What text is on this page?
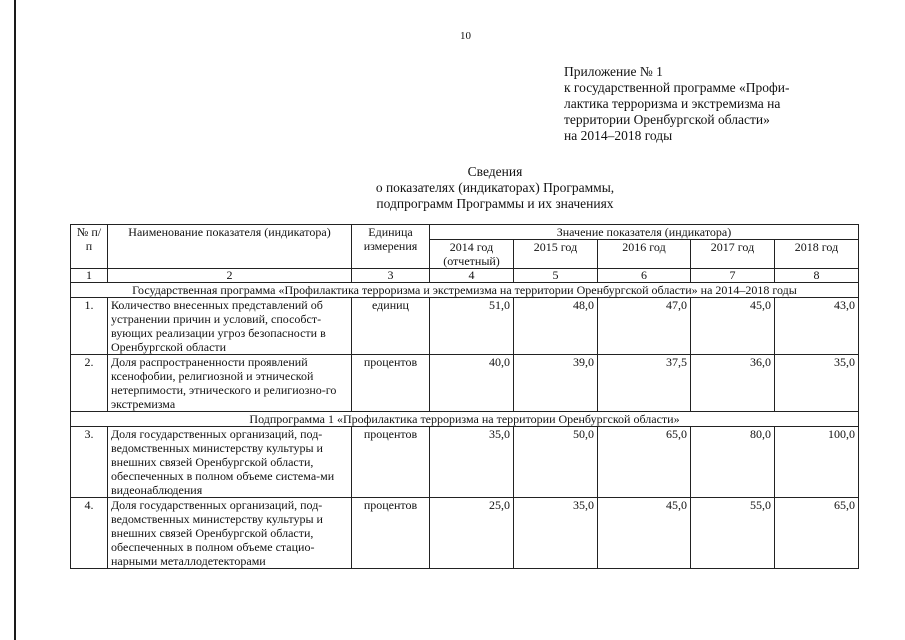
10
Приложение № 1
к государственной программе «Профи-
лактика терроризма и экстремизма на
территории Оренбургской области»
на 2014–2018 годы
Сведения
о показателях (индикаторах) Программы,
подпрограмм Программы и их значениях
№ п/п	Наименование показателя (индикатора)	Единица измерения	Значение показателя (индикатора)				
			2014 год (отчетный)	2015 год	2016 год	2017 год	2018 год
1	2	3	4	5	6	7	8
Государственная программа «Профилактика терроризма и экстремизма на территории Оренбургской области» на 2014–2018 годы							
1.	Количество внесенных представлений об устранении причин и условий, способст-вующих реализации угроз безопасности в Оренбургской области	единиц	51,0	48,0	47,0	45,0	43,0
2.	Доля распространенности проявлений ксенофобии, религиозной и этнической нетерпимости, этнического и религиозно-го экстремизма	процентов	40,0	39,0	37,5	36,0	35,0
Подпрограмма 1 «Профилактика терроризма на территории Оренбургской области»							
3.	Доля государственных организаций, под-ведомственных министерству культуры и внешних связей Оренбургской области, обеспеченных в полном объеме системa-ми видеонаблюдения	процентов	35,0	50,0	65,0	80,0	100,0
4.	Доля государственных организаций, под-ведомственных министерству культуры и внешних связей Оренбургской области, обеспеченных в полном объеме стацио-нарными металлодетекторами	процентов	25,0	35,0	45,0	55,0	65,0
